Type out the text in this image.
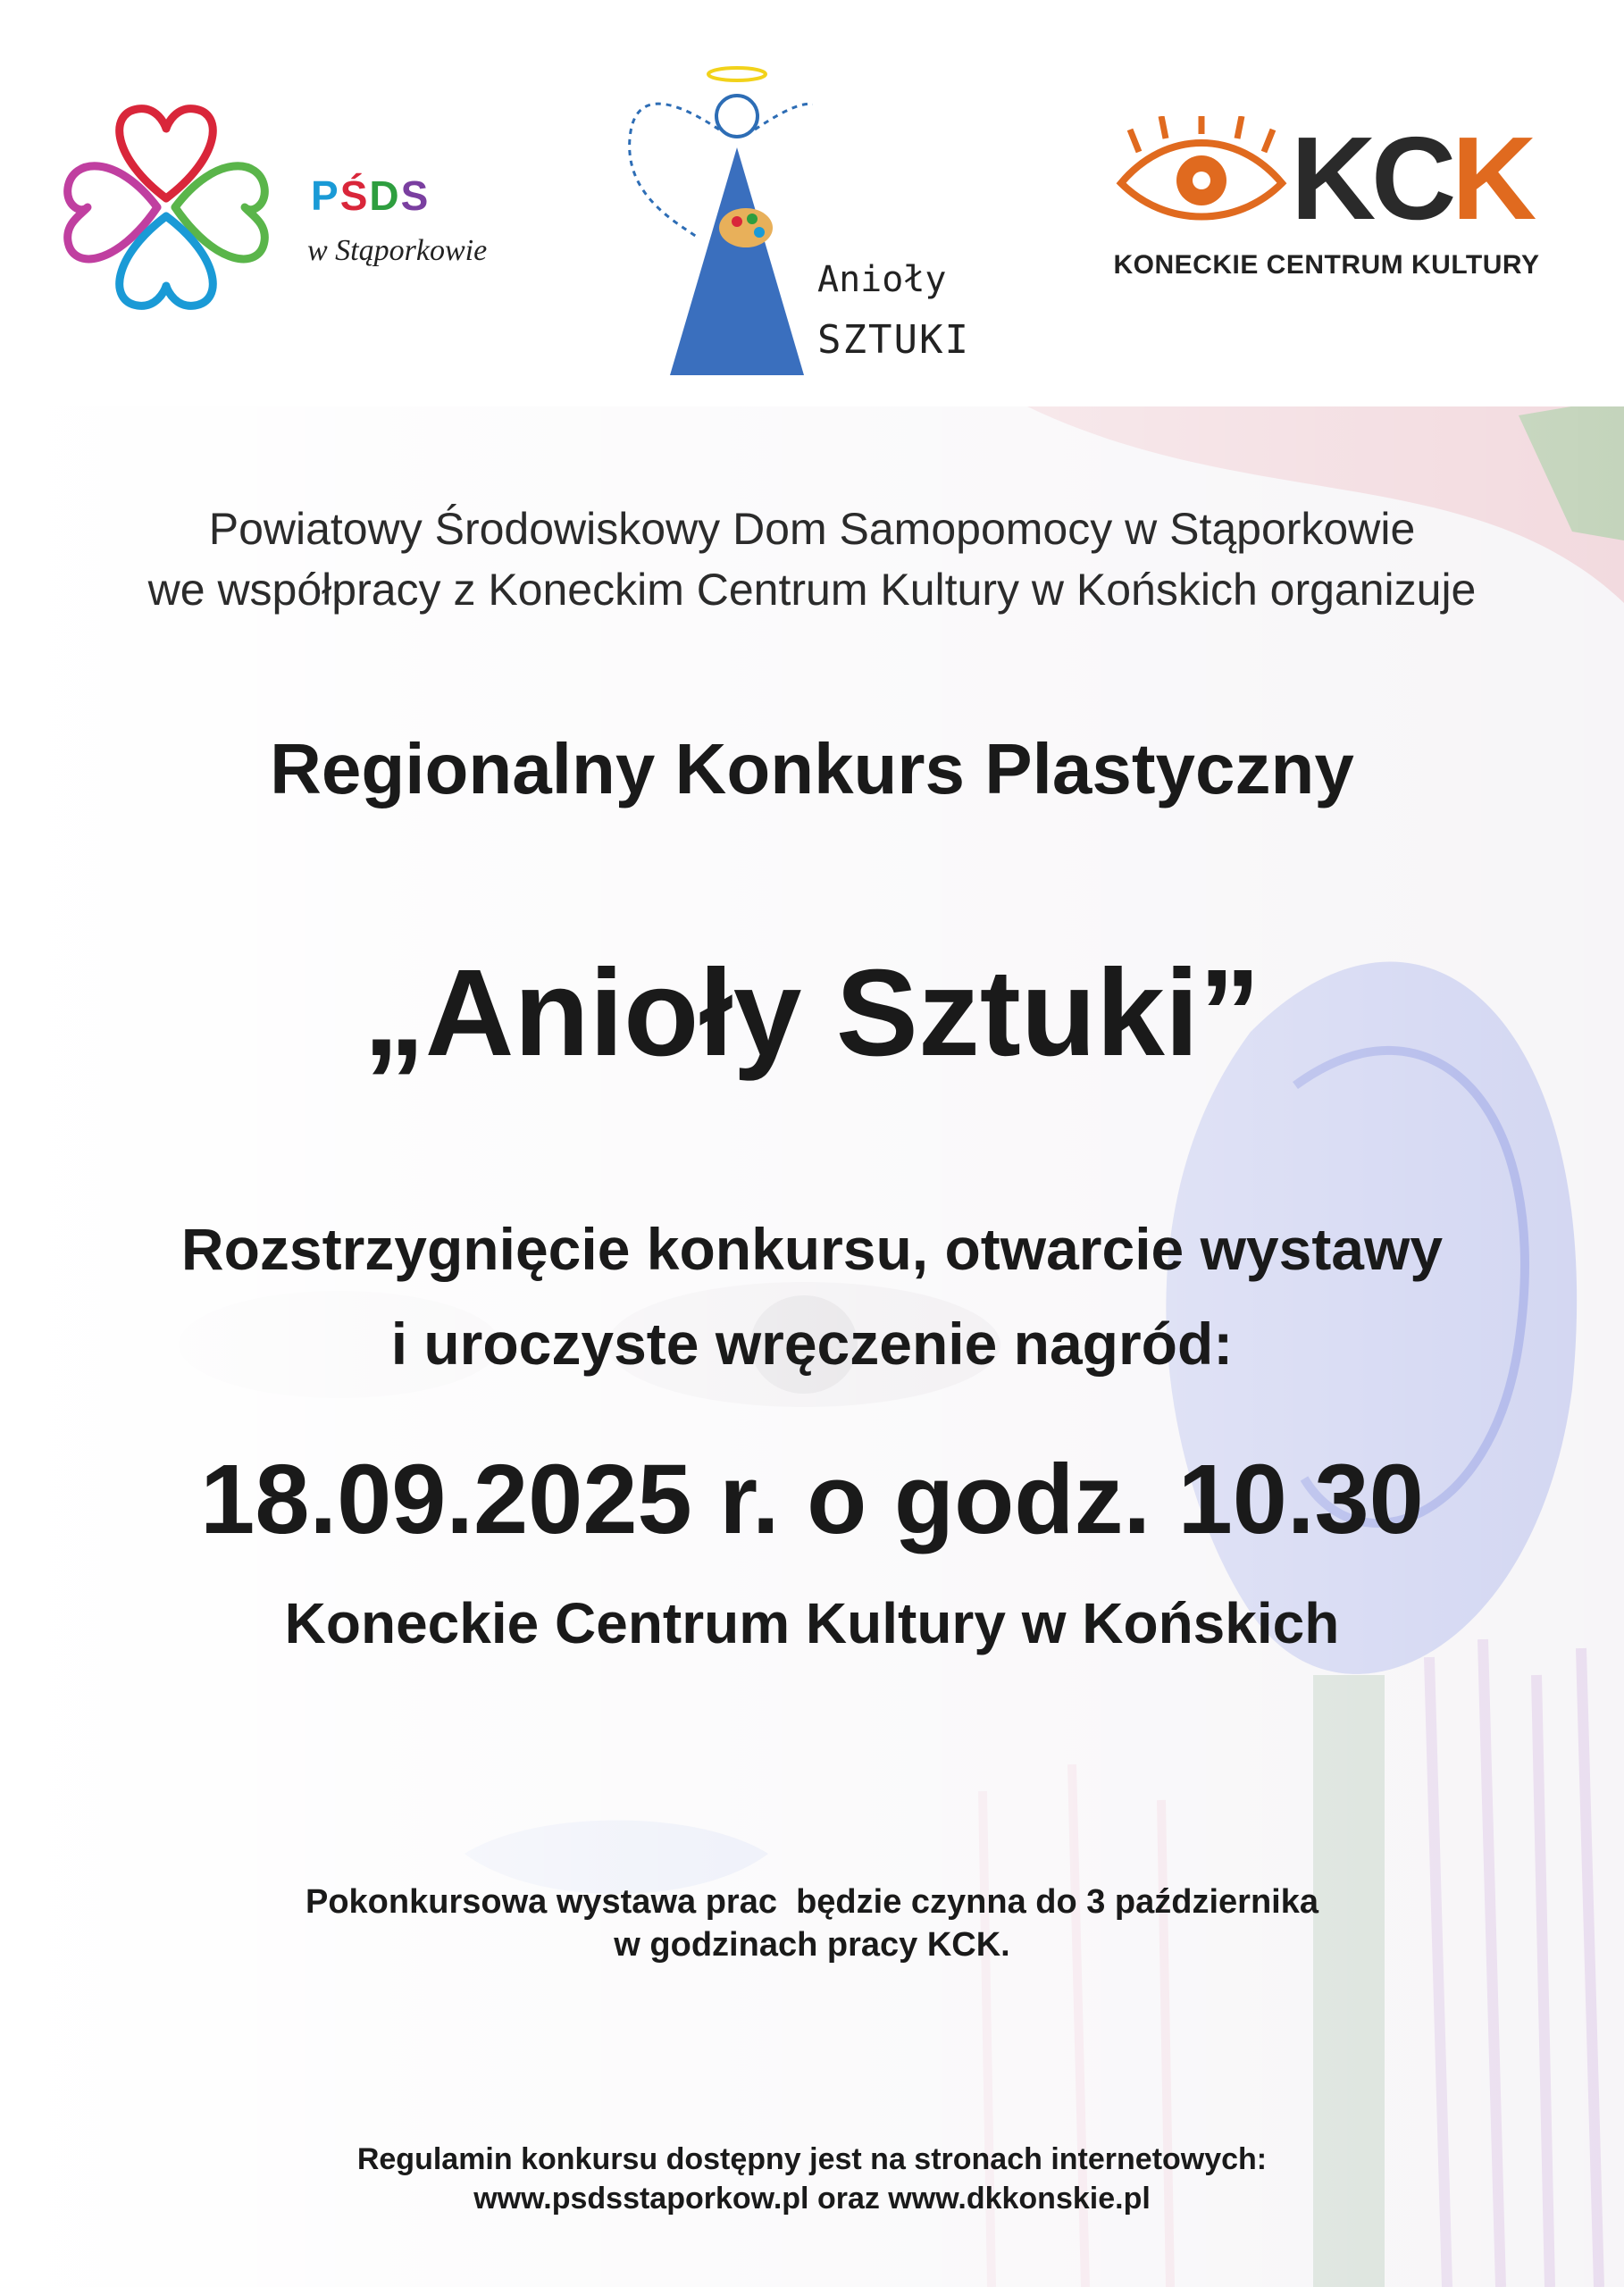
PŚDS
w Stąporkowie
Anioły
SZTUKI
K
C
K
KONECKIE CENTRUM KULTURY
Powiatowy Środowiskowy Dom Samopomocy w Stąporkowie
we współpracy z Koneckim Centrum Kultury w Końskich organizuje
Regionalny Konkurs Plastyczny
„Anioły Sztuki”
Rozstrzygnięcie konkursu, otwarcie wystawy
i uroczyste wręczenie nagród:
18.09.2025 r. o godz. 10.30
Koneckie Centrum Kultury w Końskich
Pokonkursowa wystawa prac  będzie czynna do 3 października
w godzinach pracy KCK.
Regulamin konkursu dostępny jest na stronach internetowych:
www.psdsstaporkow.pl oraz www.dkkonskie.pl
